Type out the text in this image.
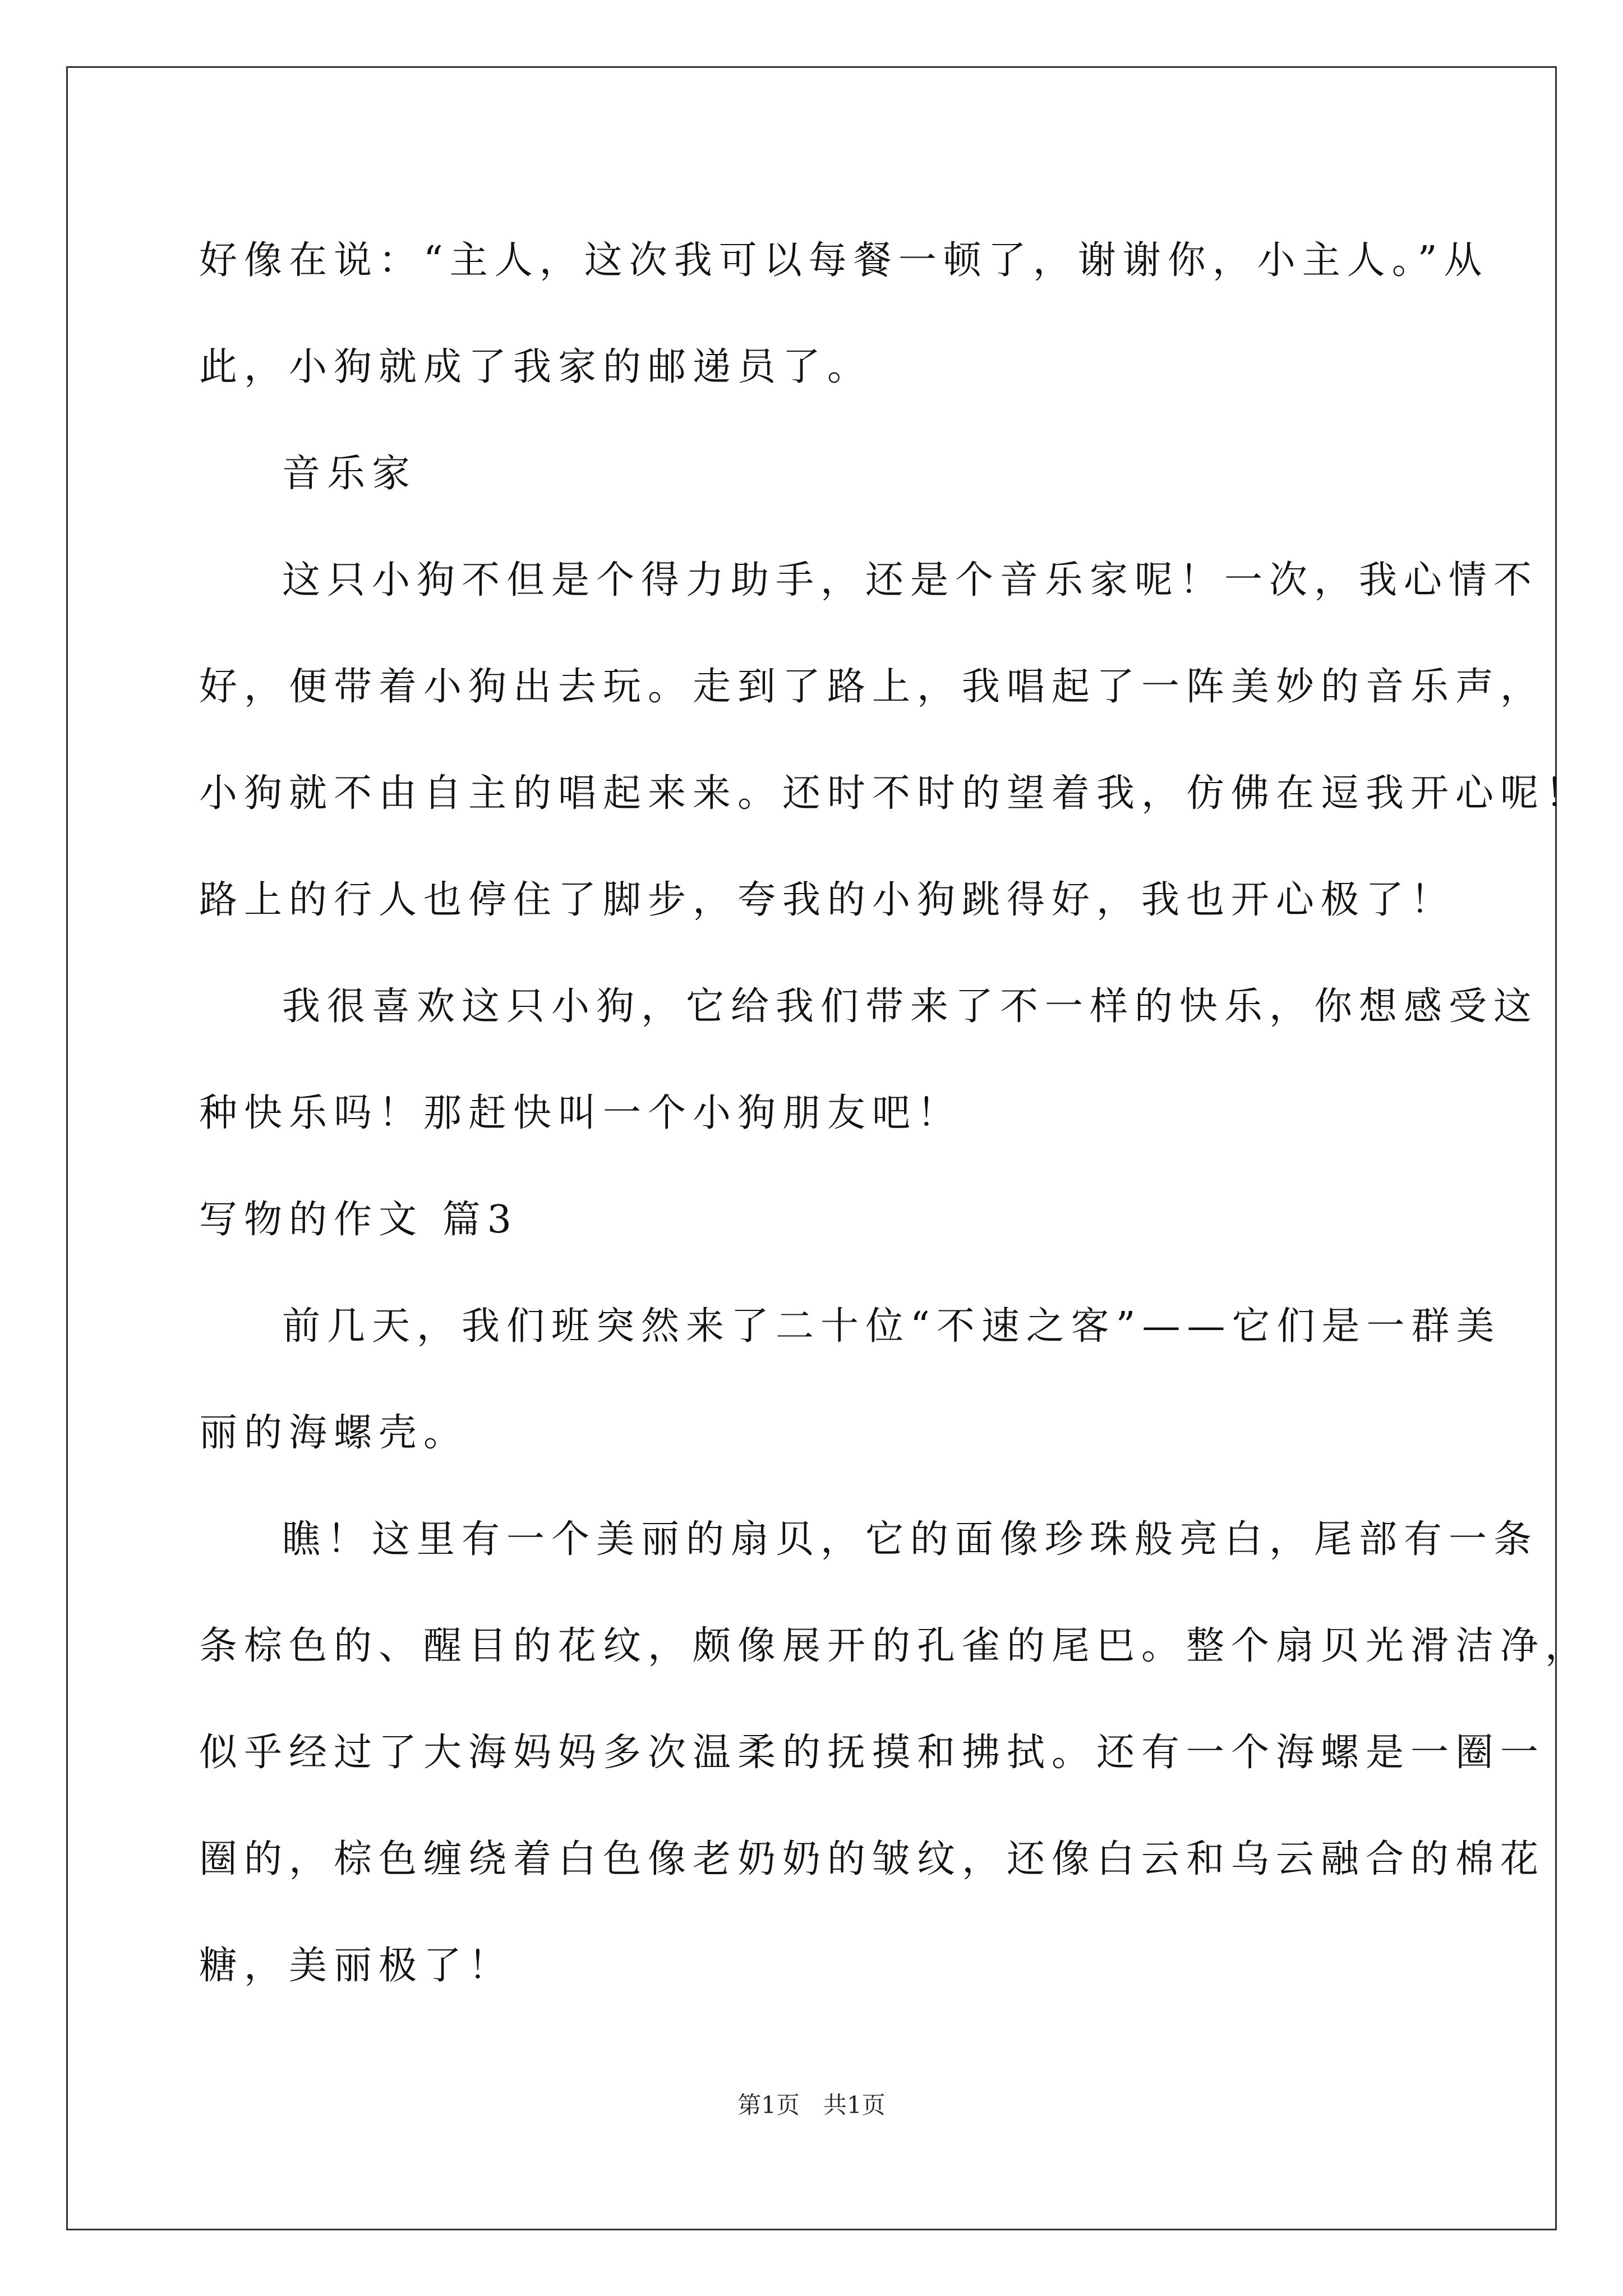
好像在说：“主人，这次我可以每餐一顿了，谢谢你，小主人。”从
此，小狗就成了我家的邮递员了。
音乐家
这只小狗不但是个得力助手，还是个音乐家呢！一次，我心情不
好，便带着小狗出去玩。走到了路上，我唱起了一阵美妙的音乐声，
小狗就不由自主的唱起来来。还时不时的望着我，仿佛在逗我开心呢！
路上的行人也停住了脚步，夸我的小狗跳得好，我也开心极了！
我很喜欢这只小狗，它给我们带来了不一样的快乐，你想感受这
种快乐吗！那赶快叫一个小狗朋友吧！
写物的作文 篇3
前几天，我们班突然来了二十位“不速之客”——它们是一群美
丽的海螺壳。
瞧！这里有一个美丽的扇贝，它的面像珍珠般亮白，尾部有一条
条棕色的、醒目的花纹，颇像展开的孔雀的尾巴。整个扇贝光滑洁净，
似乎经过了大海妈妈多次温柔的抚摸和拂拭。还有一个海螺是一圈一
圈的，棕色缠绕着白色像老奶奶的皱纹，还像白云和乌云融合的棉花
糖，美丽极了！
第1页　共1页
